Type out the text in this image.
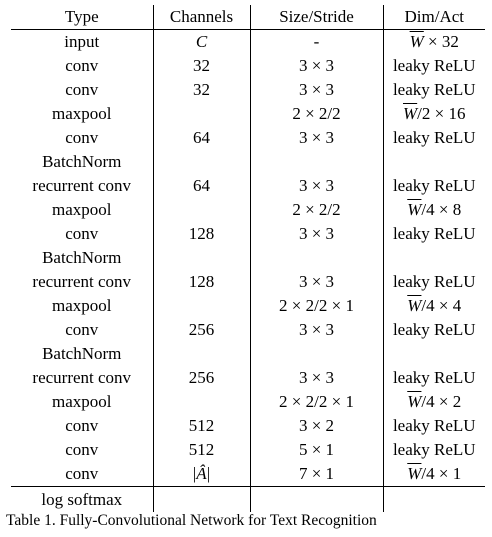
Type	Channels	Size/Stride	Dim/Act
input	C	-	$\overline{W} \times 32$
conv	32	3 × 3	leaky ReLU
conv	32	3 × 3	leaky ReLU
maxpool		2 × 2/2	$\overline{W}/2 \times 16$
conv	64	3 × 3	leaky ReLU
BatchNorm			
recurrent conv	64	3 × 3	leaky ReLU
maxpool		2 × 2/2	$\overline{W}/4 \times 8$
conv	128	3 × 3	leaky ReLU
BatchNorm			
recurrent conv	128	3 × 3	leaky ReLU
maxpool		2 × 2/2 × 1	$\overline{W}/4 \times 4$
conv	256	3 × 3	leaky ReLU
BatchNorm			
recurrent conv	256	3 × 3	leaky ReLU
maxpool		2 × 2/2 × 1	$\overline{W}/4 \times 2$
conv	512	3 × 2	leaky ReLU
conv	512	5 × 1	leaky ReLU
conv	|Â|	7 × 1	$\overline{W}/4 \times 1$
log softmax			
Table 1. Fully-Convolutional Network for Text Recognition
